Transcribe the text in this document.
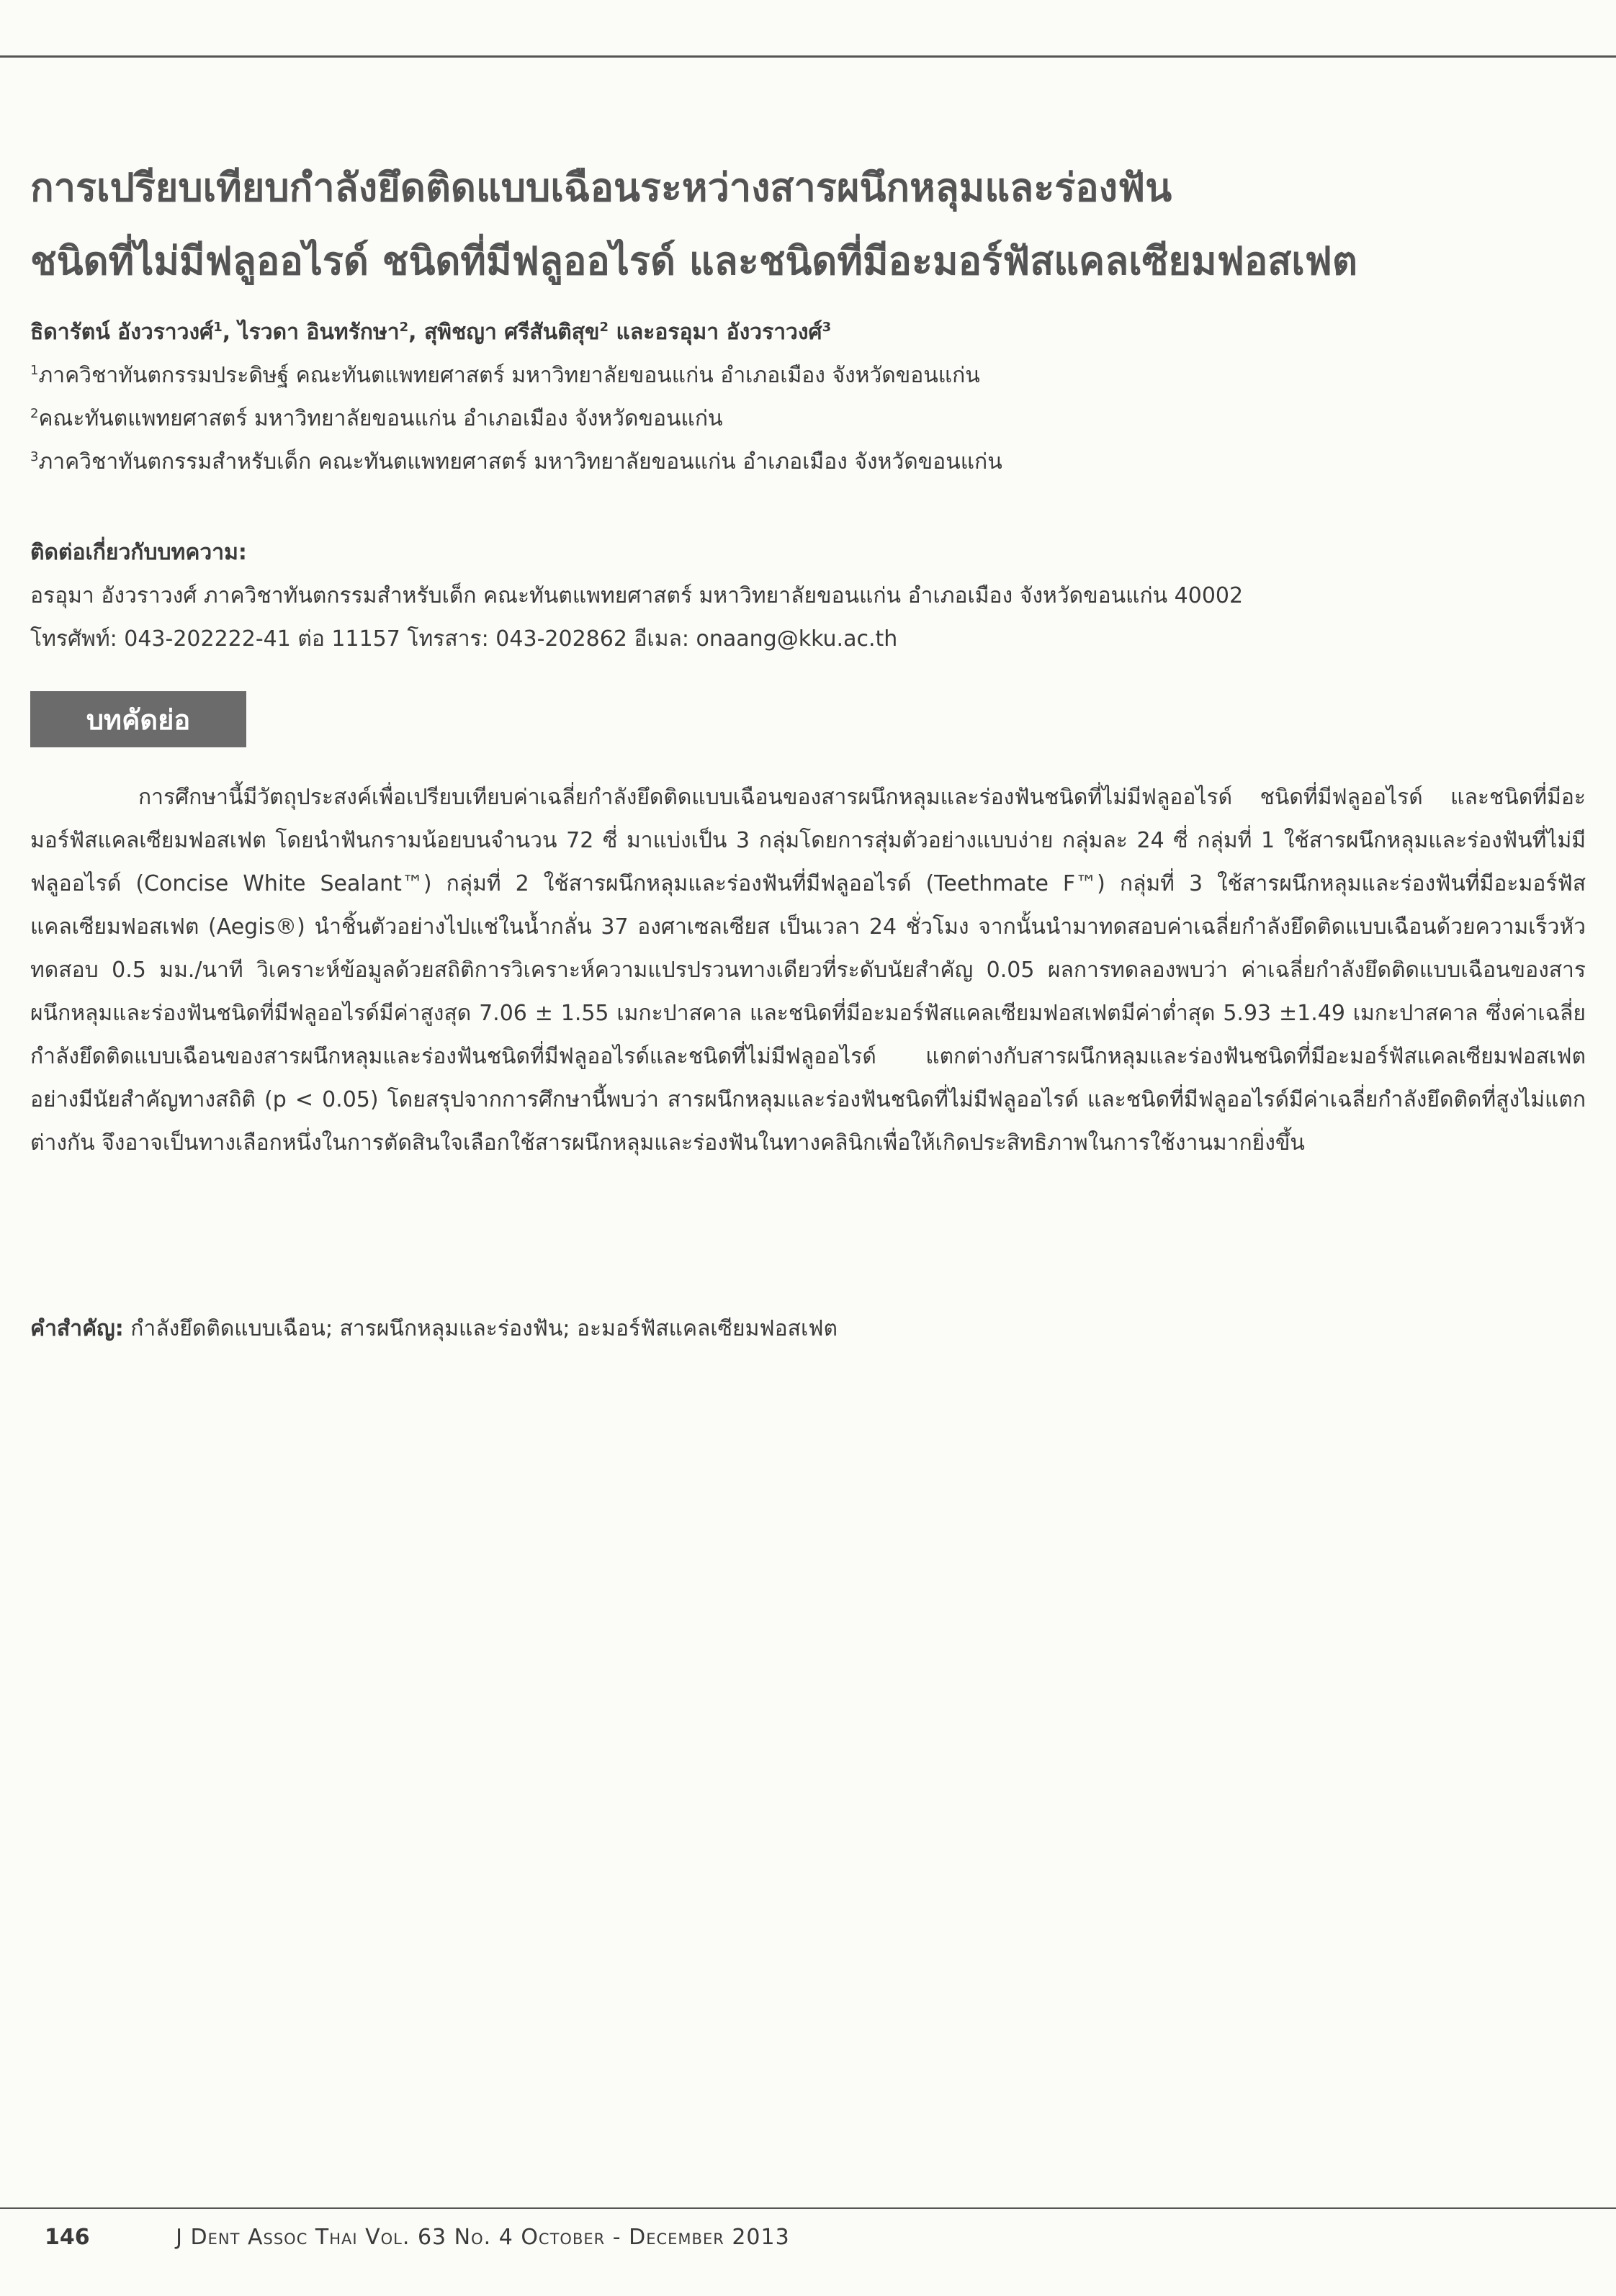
การเปรียบเทียบกำลังยึดติดแบบเฉือนระหว่างสารผนึกหลุมและร่องฟัน
ชนิดที่ไม่มีฟลูออไรด์ ชนิดที่มีฟลูออไรด์ และชนิดที่มีอะมอร์ฟัสแคลเซียมฟอสเฟต
ธิดารัตน์ อังวราวงศ์$^1$, ไรวดา อินทรักษา$^2$, สุพิชญา ศรีสันติสุข$^2$ และอรอุมา อังวราวงศ์$^3$
$^1$ภาควิชาทันตกรรมประดิษฐ์ คณะทันตแพทยศาสตร์ มหาวิทยาลัยขอนแก่น อำเภอเมือง จังหวัดขอนแก่น
$^2$คณะทันตแพทยศาสตร์ มหาวิทยาลัยขอนแก่น อำเภอเมือง จังหวัดขอนแก่น
$^3$ภาควิชาทันตกรรมสำหรับเด็ก คณะทันตแพทยศาสตร์ มหาวิทยาลัยขอนแก่น อำเภอเมือง จังหวัดขอนแก่น
ติดต่อเกี่ยวกับบทความ:
อรอุมา อังวราวงศ์ ภาควิชาทันตกรรมสำหรับเด็ก คณะทันตแพทยศาสตร์ มหาวิทยาลัยขอนแก่น อำเภอเมือง จังหวัดขอนแก่น 40002
โทรศัพท์: 043-202222-41 ต่อ 11157 โทรสาร: 043-202862 อีเมล: onaang@kku.ac.th
บทคัดย่อ

การศึกษานี้มีวัตถุประสงค์เพื่อเปรียบเทียบค่าเฉลี่ยกำลังยึดติดแบบเฉือนของสารผนึกหลุมและร่องฟันชนิดที่ไม่มีฟลูออไรด์ ชนิดที่มีฟลูออไรด์ และชนิดที่มีอะมอร์ฟัสแคลเซียมฟอสเฟต โดยนำฟันกรามน้อยบนจำนวน 72 ซี่ มาแบ่งเป็น 3 กลุ่มโดยการสุ่มตัวอย่างแบบง่าย กลุ่มละ 24 ซี่ กลุ่มที่ 1 ใช้สารผนึกหลุมและร่องฟันที่ไม่มีฟลูออไรด์ (Concise White Sealant™) กลุ่มที่ 2 ใช้สารผนึกหลุมและร่องฟันที่มีฟลูออไรด์ (Teethmate F™) กลุ่มที่ 3 ใช้สารผนึกหลุมและร่องฟันที่มีอะมอร์ฟัสแคลเซียมฟอสเฟต (Aegis®) นำชิ้นตัวอย่างไปแช่ในน้ำกลั่น 37 องศาเซลเซียส เป็นเวลา 24 ชั่วโมง จากนั้นนำมาทดสอบค่าเฉลี่ยกำลังยึดติดแบบเฉือนด้วยความเร็วหัวทดสอบ 0.5 มม./นาที วิเคราะห์ข้อมูลด้วยสถิติการวิเคราะห์ความแปรปรวนทางเดียวที่ระดับนัยสำคัญ 0.05 ผลการทดลองพบว่า ค่าเฉลี่ยกำลังยึดติดแบบเฉือนของสารผนึกหลุมและร่องฟันชนิดที่มีฟลูออไรด์มีค่าสูงสุด 7.06 ± 1.55 เมกะปาสคาล และชนิดที่มีอะมอร์ฟัสแคลเซียมฟอสเฟตมีค่าต่ำสุด 5.93 ±1.49 เมกะปาสคาล ซึ่งค่าเฉลี่ยกำลังยึดติดแบบเฉือนของสารผนึกหลุมและร่องฟันชนิดที่มีฟลูออไรด์และชนิดที่ไม่มีฟลูออไรด์ แตกต่างกับสารผนึกหลุมและร่องฟันชนิดที่มีอะมอร์ฟัสแคลเซียมฟอสเฟตอย่างมีนัยสำคัญทางสถิติ (p < 0.05) โดยสรุปจากการศึกษานี้พบว่า สารผนึกหลุมและร่องฟันชนิดที่ไม่มีฟลูออไรด์ และชนิดที่มีฟลูออไรด์มีค่าเฉลี่ยกำลังยึดติดที่สูงไม่แตกต่างกัน จึงอาจเป็นทางเลือกหนึ่งในการตัดสินใจเลือกใช้สารผนึกหลุมและร่องฟันในทางคลินิกเพื่อให้เกิดประสิทธิภาพในการใช้งานมากยิ่งขึ้น

คำสำคัญ: กำลังยึดติดแบบเฉือน; สารผนึกหลุมและร่องฟัน; อะมอร์ฟัสแคลเซียมฟอสเฟต
146	J Dent Assoc Thai Vol. 63 No. 4 October - December 2013
